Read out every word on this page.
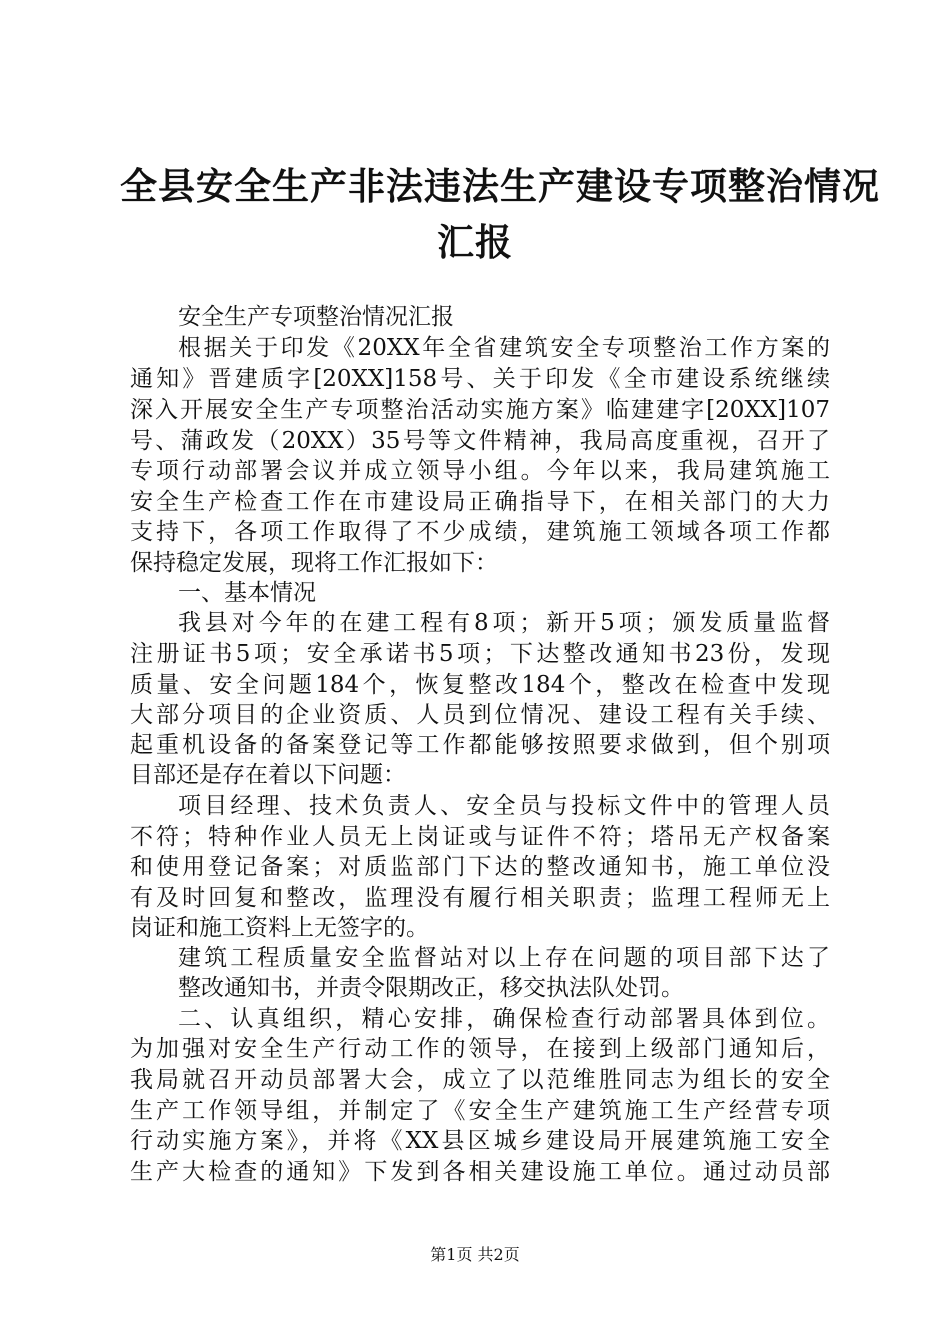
全县安全生产非法违法生产建设专项整治情况
汇报
安全生产专项整治情况汇报
根据关于印发《20XX年全省建筑安全专项整治工作方案的
通知》晋建质字[20XX]158号、关于印发《全市建设系统继续
深入开展安全生产专项整治活动实施方案》临建建字[20XX]107
号、蒲政发（20XX）35号等文件精神，我局高度重视，召开了
专项行动部署会议并成立领导小组。今年以来，我局建筑施工
安全生产检查工作在市建设局正确指导下，在相关部门的大力
支持下，各项工作取得了不少成绩，建筑施工领域各项工作都
保持稳定发展，现将工作汇报如下：
一、基本情况
我县对今年的在建工程有8项；新开5项；颁发质量监督
注册证书5项；安全承诺书5项；下达整改通知书23份，发现
质量、安全问题184个，恢复整改184个，整改在检查中发现
大部分项目的企业资质、人员到位情况、建设工程有关手续、
起重机设备的备案登记等工作都能够按照要求做到，但个别项
目部还是存在着以下问题：
项目经理、技术负责人、安全员与投标文件中的管理人员
不符；特种作业人员无上岗证或与证件不符；塔吊无产权备案
和使用登记备案；对质监部门下达的整改通知书，施工单位没
有及时回复和整改，监理没有履行相关职责；监理工程师无上
岗证和施工资料上无签字的。
建筑工程质量安全监督站对以上存在问题的项目部下达了
整改通知书，并责令限期改正，移交执法队处罚。
二、认真组织，精心安排，确保检查行动部署具体到位。
为加强对安全生产行动工作的领导，在接到上级部门通知后，
我局就召开动员部署大会，成立了以范维胜同志为组长的安全
生产工作领导组，并制定了《安全生产建筑施工生产经营专项
行动实施方案》，并将《XX县区城乡建设局开展建筑施工安全
生产大检查的通知》下发到各相关建设施工单位。通过动员部
第1页 共2页
